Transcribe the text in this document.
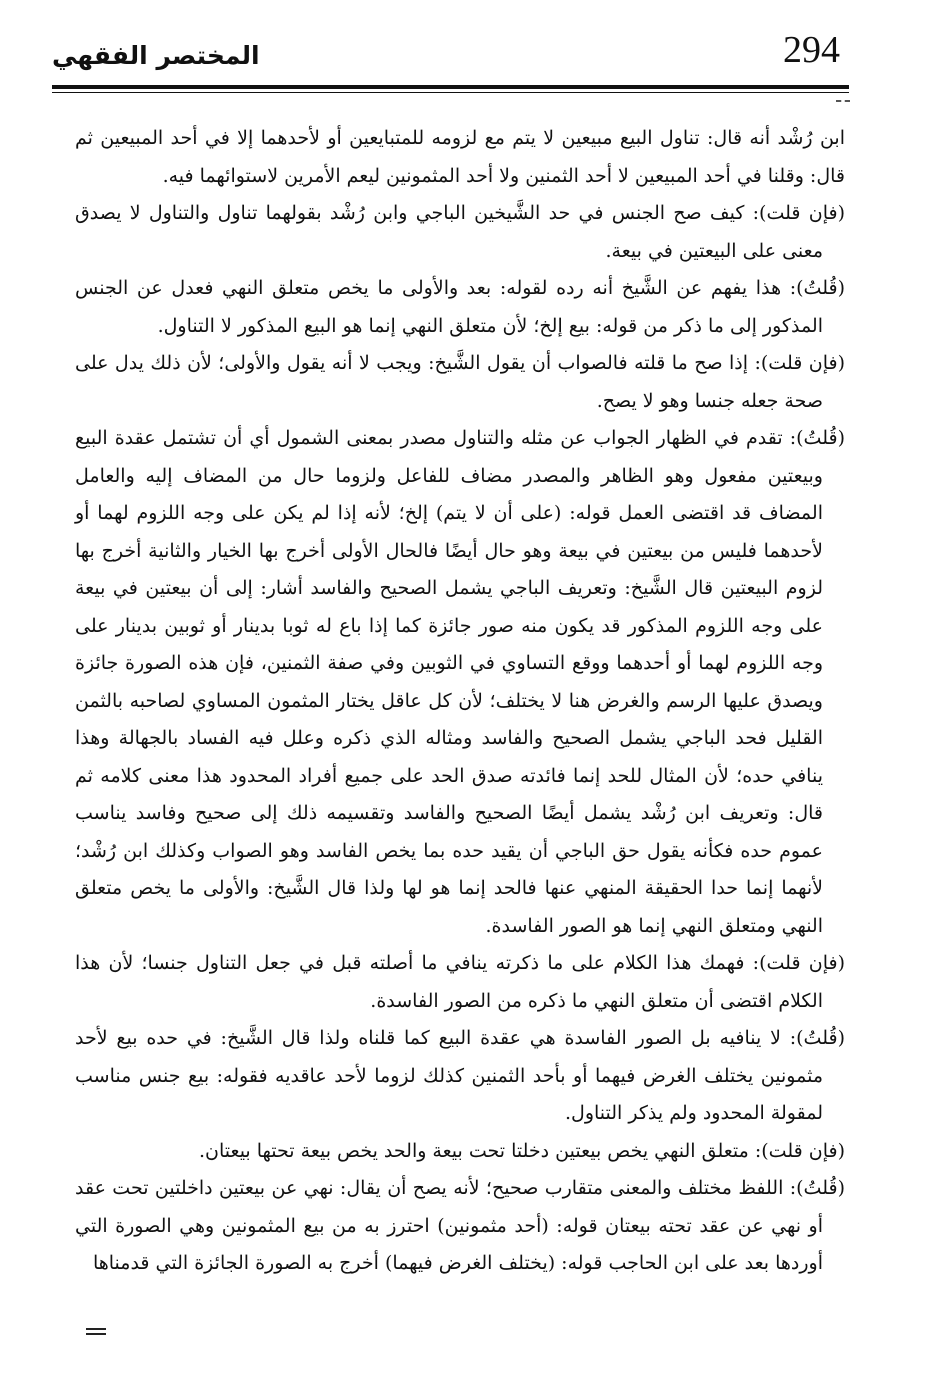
294
المختصر الفقهي

ابن رُشْد أنه قال: تناول البيع مبيعين لا يتم مع لزومه للمتبايعين أو لأحدهما إلا في أحد المبيعين ثم قال: وقلنا في أحد المبيعين لا أحد الثمنين ولا أحد المثمونين ليعم الأمرين لاستوائهما فيه.

(فإن قلت): كيف صح الجنس في حد الشَّيخين الباجي وابن رُشْد بقولهما تناول والتناول لا يصدق معنى على البيعتين في بيعة.

(قُلتُ): هذا يفهم عن الشَّيخ أنه رده لقوله: بعد والأولى ما يخص متعلق النهي فعدل عن الجنس المذكور إلى ما ذكر من قوله: بيع إلخ؛ لأن متعلق النهي إنما هو البيع المذكور لا التناول.

(فإن قلت): إذا صح ما قلته فالصواب أن يقول الشَّيخ: ويجب لا أنه يقول والأولى؛ لأن ذلك يدل على صحة جعله جنسا وهو لا يصح.

(قُلتُ): تقدم في الظهار الجواب عن مثله والتناول مصدر بمعنى الشمول أي أن تشتمل عقدة البيع وبيعتين مفعول وهو الظاهر والمصدر مضاف للفاعل ولزوما حال من المضاف إليه والعامل المضاف قد اقتضى العمل قوله: (على أن لا يتم) إلخ؛ لأنه إذا لم يكن على وجه اللزوم لهما أو لأحدهما فليس من بيعتين في بيعة وهو حال أيضًا فالحال الأولى أخرج بها الخيار والثانية أخرج بها لزوم البيعتين قال الشَّيخ: وتعريف الباجي يشمل الصحيح والفاسد أشار: إلى أن بيعتين في بيعة على وجه اللزوم المذكور قد يكون منه صور جائزة كما إذا باع له ثوبا بدينار أو ثوبين بدينار على وجه اللزوم لهما أو أحدهما ووقع التساوي في الثوبين وفي صفة الثمنين، فإن هذه الصورة جائزة ويصدق عليها الرسم والغرض هنا لا يختلف؛ لأن كل عاقل يختار المثمون المساوي لصاحبه بالثمن القليل فحد الباجي يشمل الصحيح والفاسد ومثاله الذي ذكره وعلل فيه الفساد بالجهالة وهذا ينافي حده؛ لأن المثال للحد إنما فائدته صدق الحد على جميع أفراد المحدود هذا معنى كلامه ثم قال: وتعريف ابن رُشْد يشمل أيضًا الصحيح والفاسد وتقسيمه ذلك إلى صحيح وفاسد يناسب عموم حده فكأنه يقول حق الباجي أن يقيد حده بما يخص الفاسد وهو الصواب وكذلك ابن رُشْد؛ لأنهما إنما حدا الحقيقة المنهي عنها فالحد إنما هو لها ولذا قال الشَّيخ: والأولى ما يخص متعلق النهي ومتعلق النهي إنما هو الصور الفاسدة.

(فإن قلت): فهمك هذا الكلام على ما ذكرته ينافي ما أصلته قبل في جعل التناول جنسا؛ لأن هذا الكلام اقتضى أن متعلق النهي ما ذكره من الصور الفاسدة.

(قُلتُ): لا ينافيه بل الصور الفاسدة هي عقدة البيع كما قلناه ولذا قال الشَّيخ: في حده بيع لأحد مثمونين يختلف الغرض فيهما أو بأحد الثمنين كذلك لزوما لأحد عاقديه فقوله: بيع جنس مناسب لمقولة المحدود ولم يذكر التناول.

(فإن قلت): متعلق النهي يخص بيعتين دخلتا تحت بيعة والحد يخص بيعة تحتها بيعتان.

(قُلتُ): اللفظ مختلف والمعنى متقارب صحيح؛ لأنه يصح أن يقال: نهي عن بيعتين داخلتين تحت عقد أو نهي عن عقد تحته بيعتان قوله: (أحد مثمونين) احترز به من بيع المثمونين وهي الصورة التي أوردها بعد على ابن الحاجب قوله: (يختلف الغرض فيهما) أخرج به الصورة الجائزة التي قدمناها
